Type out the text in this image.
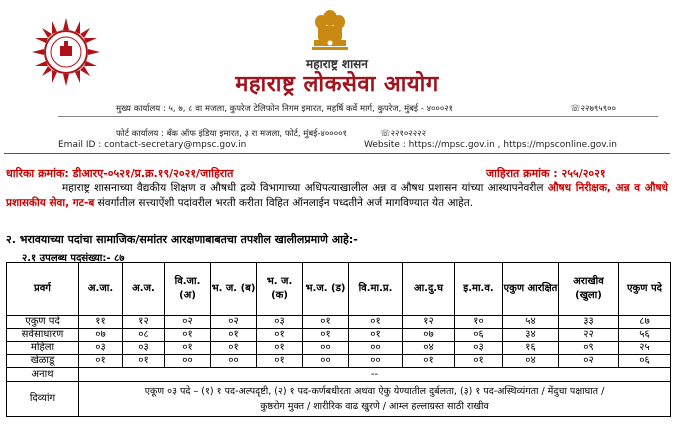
महाराष्ट्र शासन
महाराष्ट्र लोकसेवा आयोग
मुख्य कार्यालय : ५, ७, ८ वा मजला, कुपरेज टेलिफोन निगम इमारत, महर्षि कर्वे मार्ग, कुपरेज, मुंबई - ४०००२१	☏२२७९५९००
फोर्ट कार्यालय : बँक ऑफ इंडिया इमारत, ३ रा मजला, फोर्ट, मुंबई-४००००१	☏२२१०२२२२
Email ID : contact-secretary@mpsc.gov.in	Website : https://mpsc.gov.in , https://mpsconline.gov.in
धारिका क्रमांक: डीआरए-०५२१/प्र.क्र.१९/२०२१/जाहिरात	जाहिरात क्रमांक : २५५/२०२१
महाराष्ट्र शासनाच्या वैद्यकीय शिक्षण व औषधी द्रव्ये विभागाच्या अधिपत्याखालील अन्न व औषध प्रशासन यांच्या आस्थापनेवरील औषध निरीक्षक, अन्न व औषधे प्रशासकीय सेवा, गट-ब संवर्गातील सत्त्याऐंशी पदांवरील भरती करीता विहित ऑनलाईन पध्दतीने अर्ज मागविण्यात येत आहेत.
२. भरावयाच्या पदांचा सामाजिक/समांतर आरक्षणाबाबतचा तपशील खालीलप्रमाणे आहे:-
२.१ उपलब्ध पदसंख्या:- ८७
प्रवर्ग	अ.जा.	अ.ज.	वि.जा. (अ)	भ. ज. (ब)	भ. ज. (क)	भ.ज. (ड)	वि.मा.प्र.	आ.दु.घ	इ.मा.व.	एकुण आरक्षित	अराखीव (खुला)	एकुण पदे
एकुण पदे	११	१२	०२	०२	०३	०१	०१	१२	१०	५४	३३	८७
सर्वसाधारण	०७	०८	०१	०१	०१	०१	०१	०७	०६	३४	२२	५६
महिला	०३	०३	०१	०१	०१	००	००	०४	०३	१६	०९	२५
खेळाडू	०१	०१	००	००	०१	००	००	०१	०१	०४	०२	०६
अनाथ	--											
दिव्यांग	एकूण ०३ पदे – (१) १ पद-अल्पदृष्टी, (२) १ पद-कर्णबधीरता अथवा ऐकु येण्यातील दुर्बलता, (३) १ पद-अस्थिव्यंगता / मेंदुचा पक्षाघात /
कुष्ठरोग मुक्त / शारीरिक वाढ खुरणे / आम्ल हल्लाग्रस्त साठी राखीव											
